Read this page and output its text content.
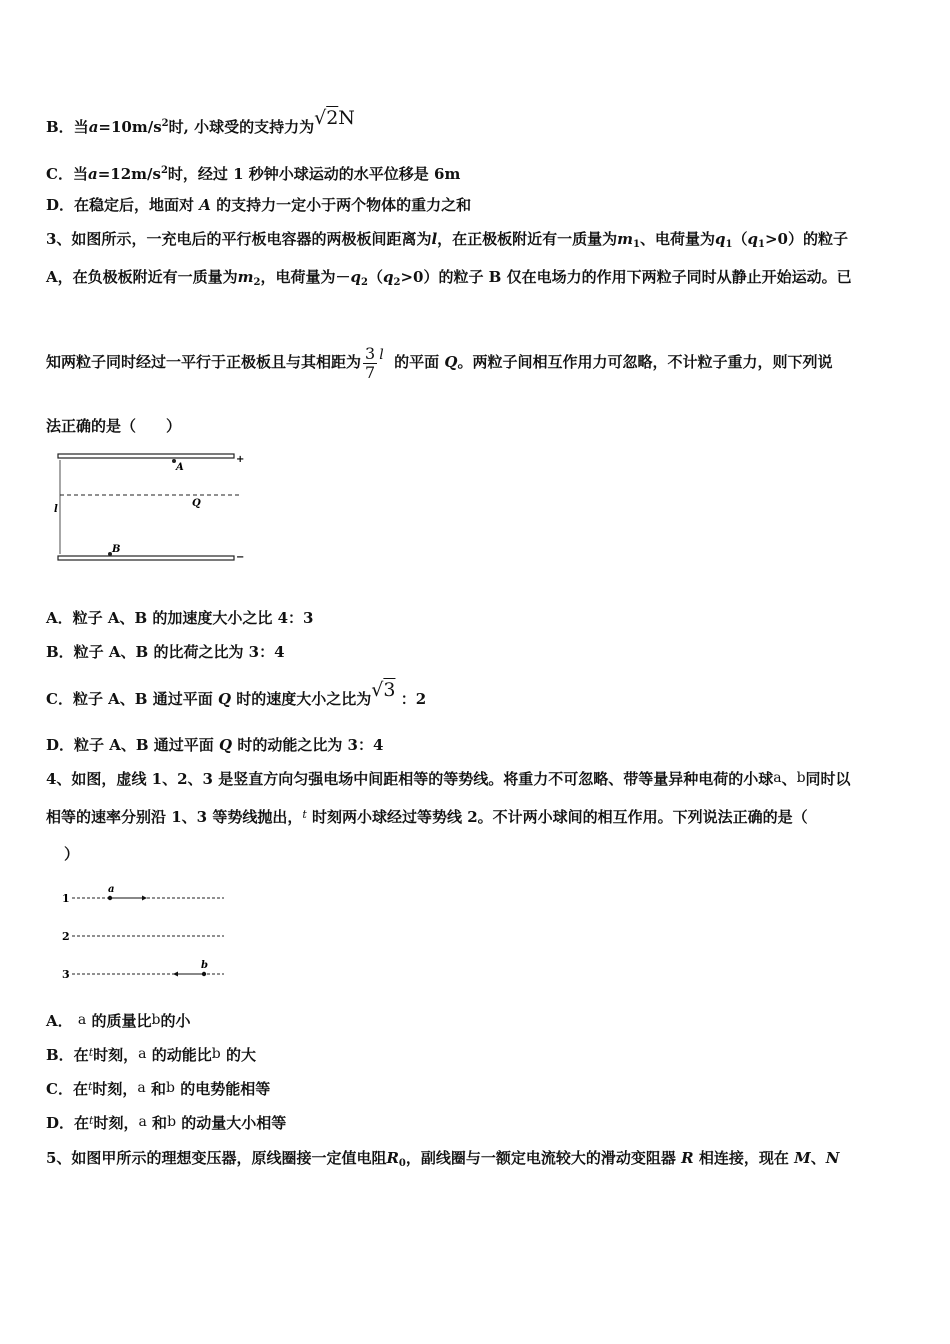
B．当$a=10m/s^2$时, 小球受的支持力为√2N
C．当$a=12m/s^2$时，经过 1 秒钟小球运动的水平位移是 6m
D．在稳定后，地面对 A 的支持力一定小于两个物体的重力之和
3、如图所示，一充电后的平行板电容器的两极板间距离为l，在正极板附近有一质量为$m_1$、电荷量为$q_1(q_1>0)$的粒子
A，在负极板附近有一质量为$m_2$，电荷量为$-q_2(q_2>0)$的粒子 B 仅在电场力的作用下两粒子同时从静止开始运动。已
知两粒子同时经过一平行于正极板且与其相距为 $\frac{3}{7}$ l 的平面 Q。两粒子间相互作用力可忽略，不计粒子重力，则下列说
法正确的是（　　）
A
Q
B
l
+
−
A．粒子 A、B 的加速度大小之比 4：3
B．粒子 A、B 的比荷之比为 3：4
C．粒子 A、B 通过平面 Q 时的速度大小之比为√3 ：2
D．粒子 A、B 通过平面 Q 时的动能之比为 3：4
4、如图，虚线 1、2、3 是竖直方向匀强电场中间距相等的等势线。将重力不可忽略、带等量异种电荷的小球a、b同时以
相等的速率分别沿 1、3 等势线抛出，$^t$ 时刻两小球经过等势线 2。不计两小球间的相互作用。下列说法正确的是（
）
1
2
3
a
b
A． a 的质量比b的小
B．在$^t$时刻，a 的动能比b 的大
C．在$^t$时刻，a 和b 的电势能相等
D．在$^t$时刻，a 和b 的动量大小相等
5、如图甲所示的理想变压器，原线圈接一定值电阻$R_0$，副线圈与一额定电流较大的滑动变阻器 R 相连接，现在 M、N
